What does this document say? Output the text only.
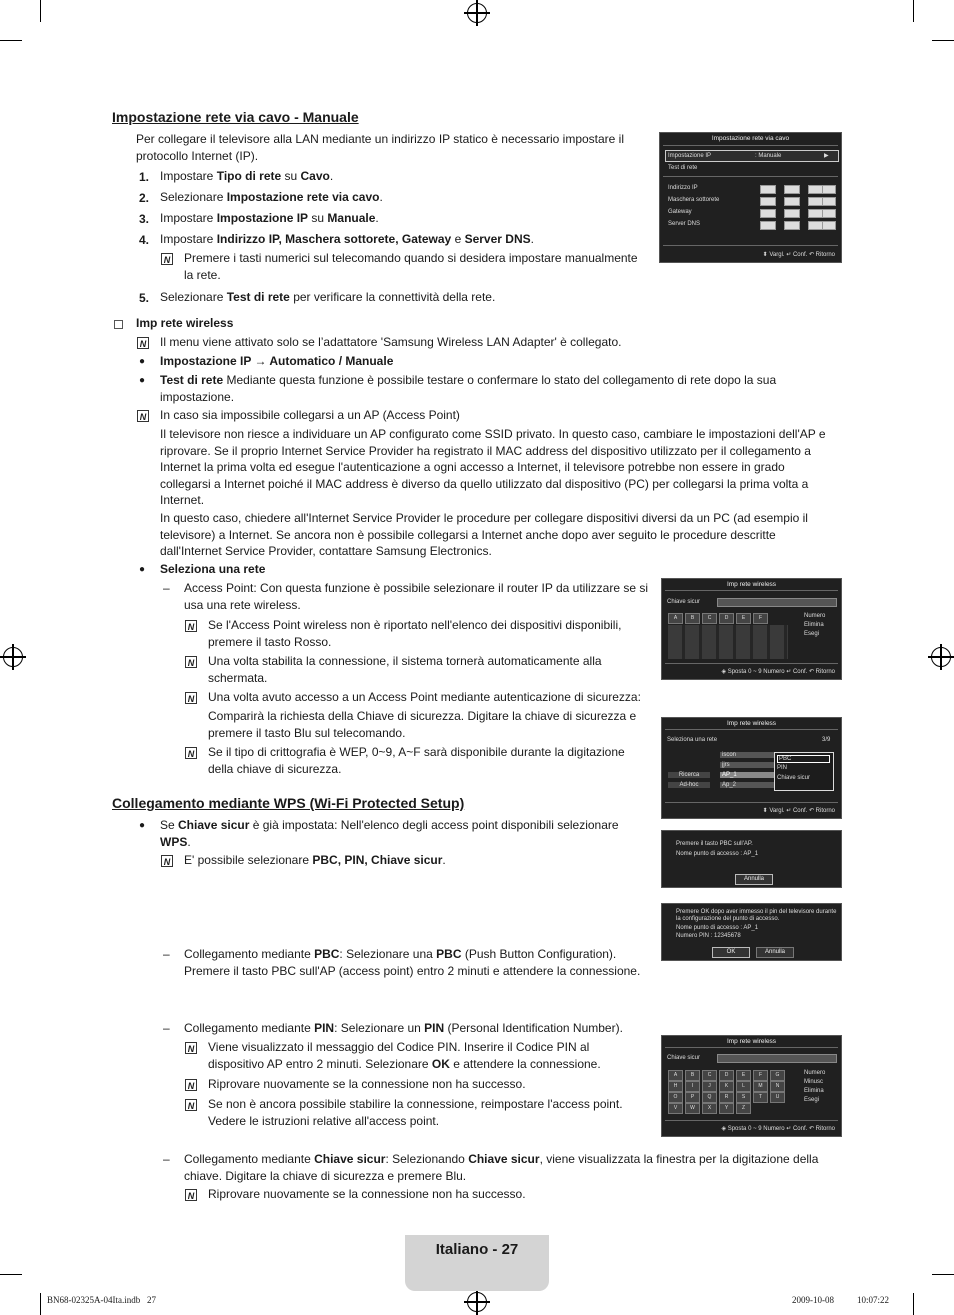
Impostazione rete via cavo - Manuale
Per collegare il televisore alla LAN mediante un indirizzo IP statico è necessario impostare il protocollo Internet (IP).
1. Impostare Tipo di rete su Cavo.
2. Selezionare Impostazione rete via cavo.
3. Impostare Impostazione IP su Manuale.
4. Impostare Indirizzo IP, Maschera sottorete, Gateway e Server DNS.
N Premere i tasti numerici sul telecomando quando si desidera impostare manualmente la rete.
5. Selezionare Test di rete per verificare la connettività della rete.
Imp rete wireless
N Il menu viene attivato solo se l’adattatore 'Samsung Wireless LAN Adapter' è collegato.
● Impostazione IP → Automatico / Manuale
● Test di rete Mediante questa funzione è possibile testare o confermare lo stato del collegamento di rete dopo la sua impostazione.
N In caso sia impossibile collegarsi a un AP (Access Point)
Il televisore non riesce a individuare un AP configurato come SSID privato. In questo caso, cambiare le impostazioni dell'AP e riprovare. Se il proprio Internet Service Provider ha registrato il MAC address del dispositivo utilizzato per il collegamento a Internet la prima volta ed esegue l'autenticazione a ogni accesso a Internet, il televisore potrebbe non essere in grado collegarsi a Internet poiché il MAC address è diverso da quello utilizzato dal dispositivo (PC) per collegarsi la prima volta a Internet.
In questo caso, chiedere all'Internet Service Provider le procedure per collegare dispositivi diversi da un PC (ad esempio il televisore) a Internet. Se ancora non è possibile collegarsi a Internet anche dopo aver seguito le procedure descritte dall'Internet Service Provider, contattare Samsung Electronics.
● Seleziona una rete
– Access Point: Con questa funzione è possibile selezionare il router IP da utilizzare se si usa una rete wireless.
N Se l'Access Point wireless non è riportato nell'elenco dei dispositivi disponibili, premere il tasto Rosso.
N Una volta stabilita la connessione, il sistema tornerà automaticamente alla schermata.
N Una volta avuto accesso a un Access Point mediante autenticazione di sicurezza:
Comparirà la richiesta della Chiave di sicurezza. Digitare la chiave di sicurezza e premere il tasto Blu sul telecomando.
N Se il tipo di crittografia è WEP, 0~9, A~F sarà disponibile durante la digitazione della chiave di sicurezza.
Collegamento mediante WPS (Wi-Fi Protected Setup)
● Se Chiave sicur è già impostata: Nell'elenco degli access point disponibili selezionare WPS.
N E' possibile selezionare PBC, PIN, Chiave sicur.
– Collegamento mediante PBC: Selezionare una PBC (Push Button Configuration). Premere il tasto PBC sull'AP (access point) entro 2 minuti e attendere la connessione.
– Collegamento mediante PIN: Selezionare un PIN (Personal Identification Number).
N Viene visualizzato il messaggio del Codice PIN. Inserire il Codice PIN al dispositivo AP entro 2 minuti. Selezionare OK e attendere la connessione.
N Riprovare nuovamente se la connessione non ha successo.
N Se non è ancora possibile stabilire la connessione, reimpostare l'access point. Vedere le istruzioni relative all'access point.
– Collegamento mediante Chiave sicur: Selezionando Chiave sicur, viene visualizzata la finestra per la digitazione della chiave. Digitare la chiave di sicurezza e premere Blu.
N Riprovare nuovamente se la connessione non ha successo.
Impostazione rete via cavo
Impostazione IP	: Manuale	▶
Test di rete
Indirizzo IP
Maschera sottorete
Gateway
Server DNS
⬍ Vargl. ↵ Conf. ↶ Ritorno
Imp rete wireless
Chiave sicur
A	B	C	D	E	F	Numero
Elimina
Esegi
◈ Sposta 0 ~ 9 Numero ↵ Conf. ↶ Ritorno
Imp rete wireless
Seleziona una rete	3/9
iscon
jjrs
AP_1
Ap_2
Ricerca
Ad-hoc
PBC
PIN
Chiave sicur
⬍ Vargl. ↵ Conf. ↶ Ritorno
Premere il tasto PBC sull'AP.
Nome punto di accesso : AP_1
Annulla
Premere OK dopo aver immesso il pin del televisore durante la configurazione del punto di accesso.
Nome punto di accesso : AP_1
Numero PIN : 12345678
OK	Annulla
Imp rete wireless
Chiave sicur
Numero
Minusc
Elimina
Esegi
◈ Sposta 0 ~ 9 Numero ↵ Conf. ↶ Ritorno
A	B	C	D	E	F	G
H	I	J	K	L	M	N
O	P	Q	R	S	T	U
V	W	X	Y	Z
Italiano - 27
BN68-02325A-04Ita.indb   27	2009-10-08   􀀀􀀀 10:07:22
